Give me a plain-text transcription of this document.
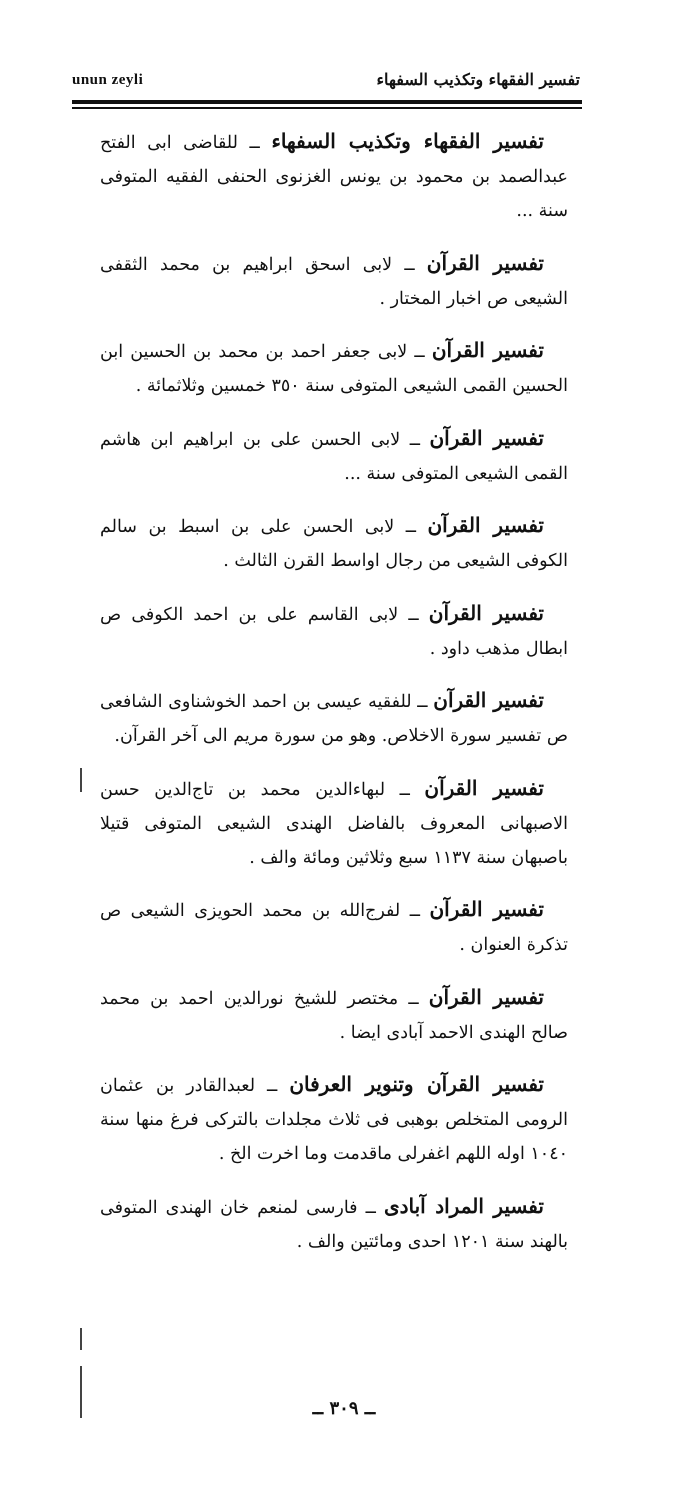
unun zeyli	تفسير الفقهاء وتكذيب السفهاء

تفسير الفقهاء وتكذيب السفهاء ــ للقاضى ابى الفتح عبدالصمد بن محمود بن يونس الغزنوى الحنفى الفقيه المتوفى سنة ...

تفسير القرآن ــ لابى اسحق ابراهيم بن محمد الثقفى الشيعى ص اخبار المختار .

تفسير القرآن ــ لابى جعفر احمد بن محمد بن الحسين ابن الحسين القمى الشيعى المتوفى سنة ٣٥٠ خمسين وثلاثمائة .

تفسير القرآن ــ لابى الحسن على بن ابراهيم ابن هاشم القمى الشيعى المتوفى سنة ...

تفسير القرآن ــ لابى الحسن على بن اسبط بن سالم الكوفى الشيعى من رجال اواسط القرن الثالث .

تفسير القرآن ــ لابى القاسم على بن احمد الكوفى ص ابطال مذهب داود .

تفسير القرآن ــ للفقيه عيسى بن احمد الخوشناوى الشافعى ص تفسير سورة الاخلاص. وهو من سورة مريم الى آخر القرآن.

تفسير القرآن ــ لبهاءالدين محمد بن تاج‌الدين حسن الاصبهانى المعروف بالفاضل الهندى الشيعى المتوفى قتيلا باصبهان سنة ١١٣٧ سبع وثلاثين ومائة والف .

تفسير القرآن ــ لفرج‌الله بن محمد الحويزى الشيعى ص تذكرة العنوان .

تفسير القرآن ــ مختصر للشيخ نورالدين احمد بن محمد صالح الهندى الاحمد آبادى ايضا .

تفسير القرآن وتنوير العرفان ــ لعبدالقادر بن عثمان الرومى المتخلص بوهبى فى ثلاث مجلدات بالتركى فرغ منها سنة ١٠٤٠ اوله اللهم اغفرلى ماقدمت وما اخرت الخ .

تفسير المراد آبادى ــ فارسى لمنعم خان الهندى المتوفى بالهند سنة ١٢٠١ احدى ومائتين والف .

ــ ٣٠٩ ــ
